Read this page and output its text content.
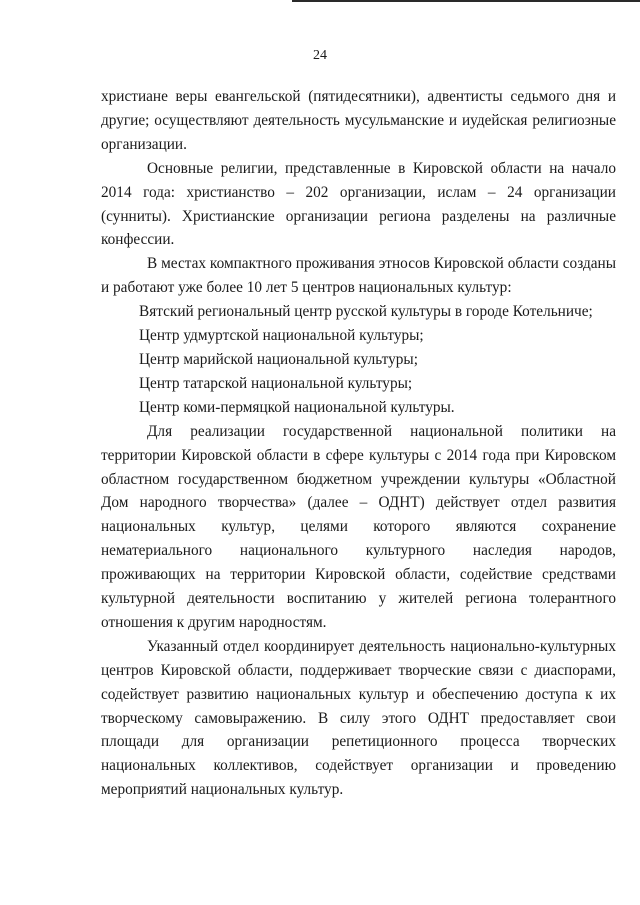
24

христиане веры евангельской (пятидесятники), адвентисты седьмого дня и другие; осуществляют деятельность мусульманские и иудейская религиозные организации.

Основные религии, представленные в Кировской области на начало 2014 года: христианство – 202 организации, ислам – 24 организации (сунниты). Христианские организации региона разделены на различные конфессии.

В местах компактного проживания этносов Кировской области созданы и работают уже более 10 лет 5 центров национальных культур:

Вятский региональный центр русской культуры в городе Котельниче;

Центр удмуртской национальной культуры;

Центр марийской национальной культуры;

Центр татарской национальной культуры;

Центр коми-пермяцкой национальной культуры.

Для реализации государственной национальной политики на территории Кировской области в сфере культуры с 2014 года при Кировском областном государственном бюджетном учреждении культуры «Областной Дом народного творчества» (далее – ОДНТ) действует отдел развития национальных культур, целями которого являются сохранение нематериального национального культурного наследия народов, проживающих на территории Кировской области, содействие средствами культурной деятельности воспитанию у жителей региона толерантного отношения к другим народностям.

Указанный отдел координирует деятельность национально-культурных центров Кировской области, поддерживает творческие связи с диаспорами, содействует развитию национальных культур и обеспечению доступа к их творческому самовыражению. В силу этого ОДНТ предоставляет свои площади для организации репетиционного процесса творческих национальных коллективов, содействует организации и проведению мероприятий национальных культур.
